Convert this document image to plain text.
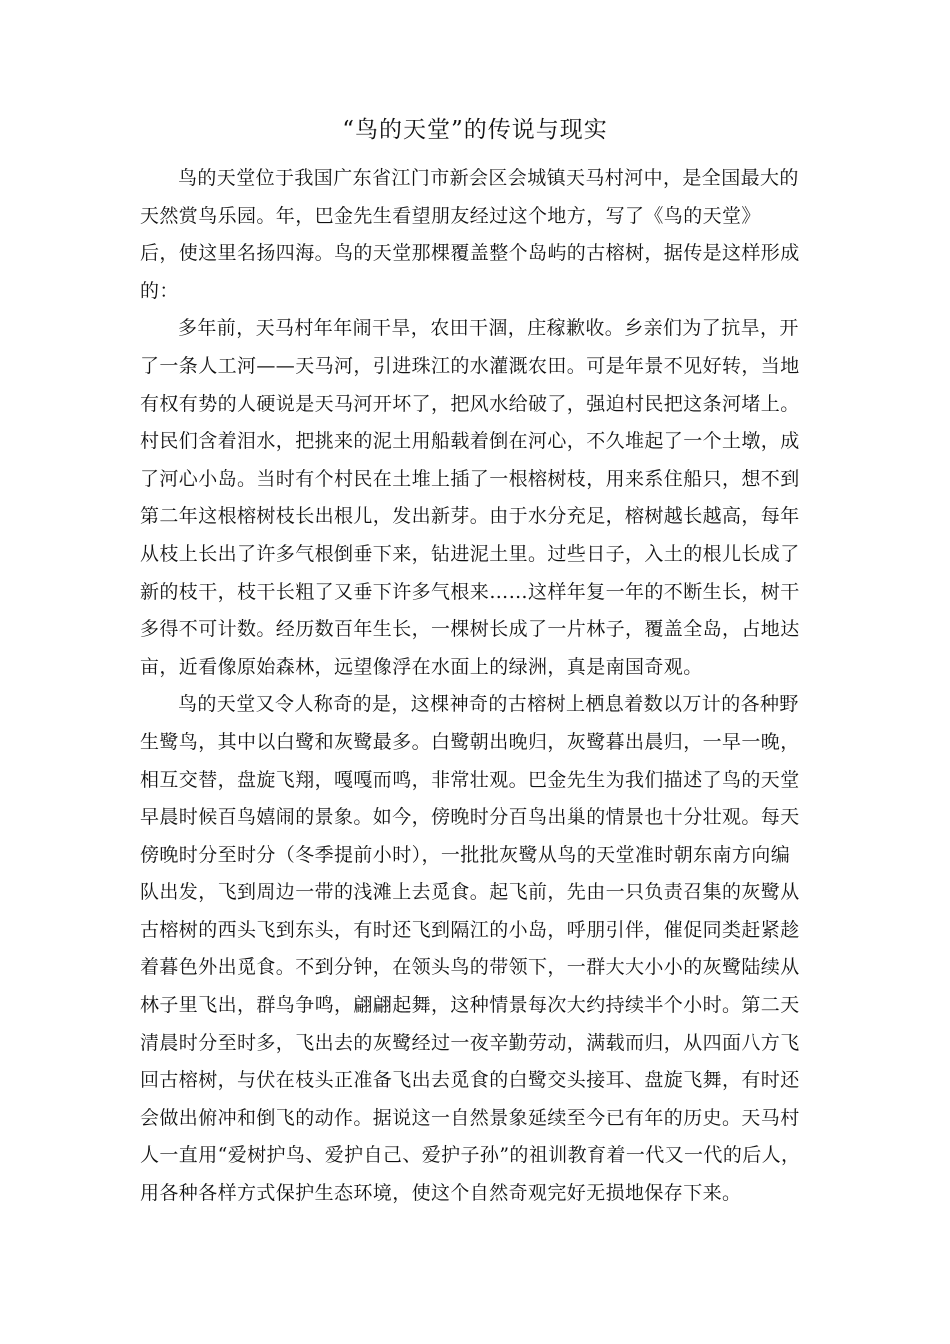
“鸟的天堂”的传说与现实
鸟的天堂位于我国广东省江门市新会区会城镇天马村河中，是全国最大的
天然赏鸟乐园。年，巴金先生看望朋友经过这个地方，写了《鸟的天堂》
后，使这里名扬四海。鸟的天堂那棵覆盖整个岛屿的古榕树，据传是这样形成
的：
多年前，天马村年年闹干旱，农田干涸，庄稼歉收。乡亲们为了抗旱，开
了一条人工河——天马河，引进珠江的水灌溉农田。可是年景不见好转，当地
有权有势的人硬说是天马河开坏了，把风水给破了，强迫村民把这条河堵上。
村民们含着泪水，把挑来的泥土用船载着倒在河心，不久堆起了一个土墩，成
了河心小岛。当时有个村民在土堆上插了一根榕树枝，用来系住船只，想不到
第二年这根榕树枝长出根儿，发出新芽。由于水分充足，榕树越长越高，每年
从枝上长出了许多气根倒垂下来，钻进泥土里。过些日子，入土的根儿长成了
新的枝干，枝干长粗了又垂下许多气根来……这样年复一年的不断生长，树干
多得不可计数。经历数百年生长，一棵树长成了一片林子，覆盖全岛，占地达
亩，近看像原始森林，远望像浮在水面上的绿洲，真是南国奇观。
鸟的天堂又令人称奇的是，这棵神奇的古榕树上栖息着数以万计的各种野
生鹭鸟，其中以白鹭和灰鹭最多。白鹭朝出晚归，灰鹭暮出晨归，一早一晚，
相互交替，盘旋飞翔，嘎嘎而鸣，非常壮观。巴金先生为我们描述了鸟的天堂
早晨时候百鸟嬉闹的景象。如今，傍晚时分百鸟出巢的情景也十分壮观。每天
傍晚时分至时分（冬季提前小时），一批批灰鹭从鸟的天堂准时朝东南方向编
队出发，飞到周边一带的浅滩上去觅食。起飞前，先由一只负责召集的灰鹭从
古榕树的西头飞到东头，有时还飞到隔江的小岛，呼朋引伴，催促同类赶紧趁
着暮色外出觅食。不到分钟，在领头鸟的带领下，一群大大小小的灰鹭陆续从
林子里飞出，群鸟争鸣，翩翩起舞，这种情景每次大约持续半个小时。第二天
清晨时分至时多，飞出去的灰鹭经过一夜辛勤劳动，满载而归，从四面八方飞
回古榕树，与伏在枝头正准备飞出去觅食的白鹭交头接耳、盘旋飞舞，有时还
会做出俯冲和倒飞的动作。据说这一自然景象延续至今已有年的历史。天马村
人一直用“爱树护鸟、爱护自己、爱护子孙”的祖训教育着一代又一代的后人，
用各种各样方式保护生态环境，使这个自然奇观完好无损地保存下来。
